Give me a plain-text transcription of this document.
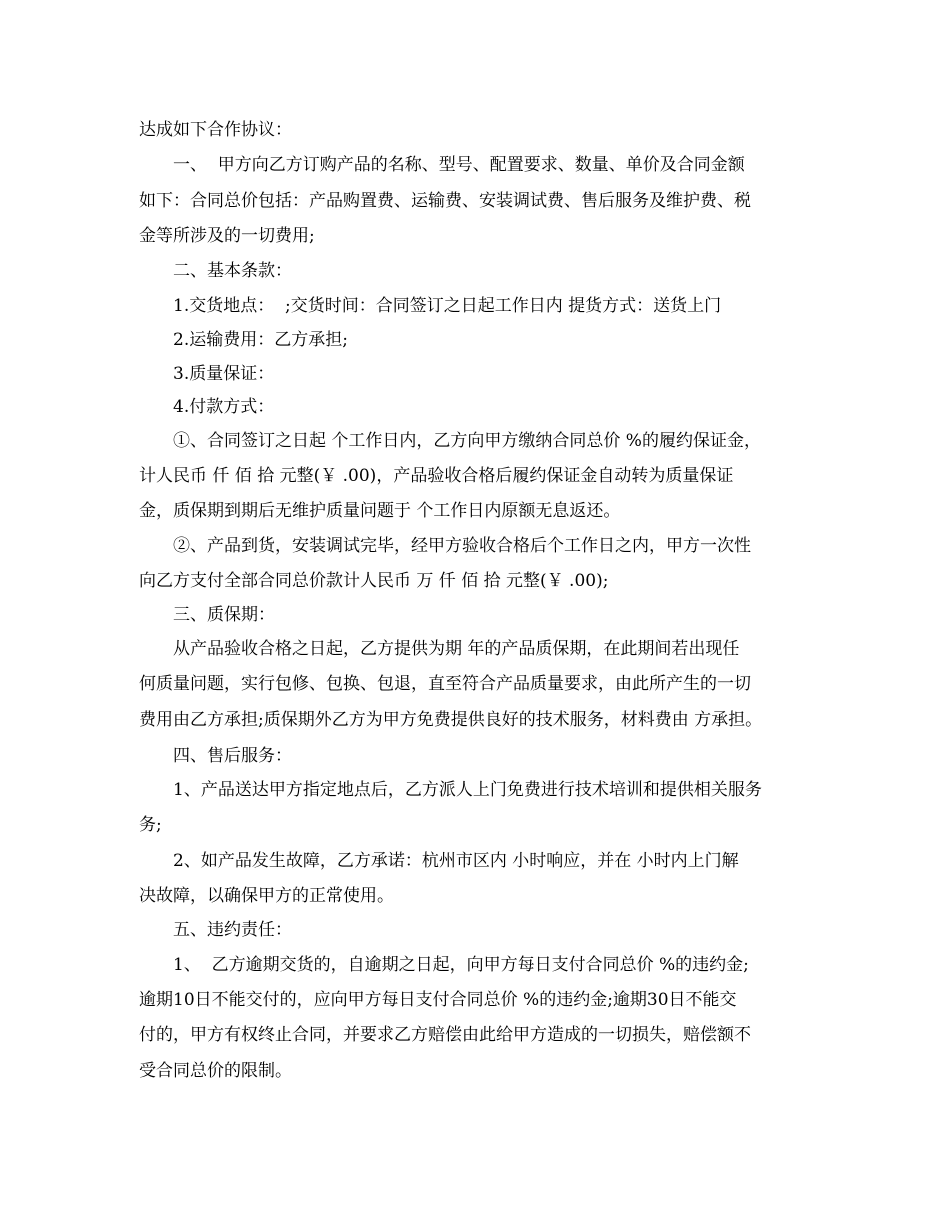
达成如下合作协议：
一、  甲方向乙方订购产品的名称、型号、配置要求、数量、单价及合同金额
如下：合同总价包括：产品购置费、运输费、安装调试费、售后服务及维护费、税
金等所涉及的一切费用;
二、基本条款：
1.交货地点：  ;交货时间：合同签订之日起工作日内 提货方式：送货上门
2.运输费用：乙方承担;
3.质量保证：
4.付款方式：
①、合同签订之日起 个工作日内，乙方向甲方缴纳合同总价 %的履约保证金，
计人民币 仟 佰 拾 元整(￥ .00)，产品验收合格后履约保证金自动转为质量保证
金，质保期到期后无维护质量问题于 个工作日内原额无息返还。
②、产品到货，安装调试完毕，经甲方验收合格后个工作日之内，甲方一次性
向乙方支付全部合同总价款计人民币 万 仟 佰 拾 元整(￥ .00);
三、质保期：
从产品验收合格之日起，乙方提供为期 年的产品质保期，在此期间若出现任
何质量问题，实行包修、包换、包退，直至符合产品质量要求，由此所产生的一切
费用由乙方承担;质保期外乙方为甲方免费提供良好的技术服务，材料费由 方承担。
四、售后服务：
1、产品送达甲方指定地点后，乙方派人上门免费进行技术培训和提供相关服务
务;
2、如产品发生故障，乙方承诺：杭州市区内 小时响应，并在 小时内上门解
决故障，以确保甲方的正常使用。
五、违约责任：
1、  乙方逾期交货的，自逾期之日起，向甲方每日支付合同总价 %的违约金;
逾期10日不能交付的，应向甲方每日支付合同总价 %的违约金;逾期30日不能交
付的，甲方有权终止合同，并要求乙方赔偿由此给甲方造成的一切损失，赔偿额不
受合同总价的限制。
